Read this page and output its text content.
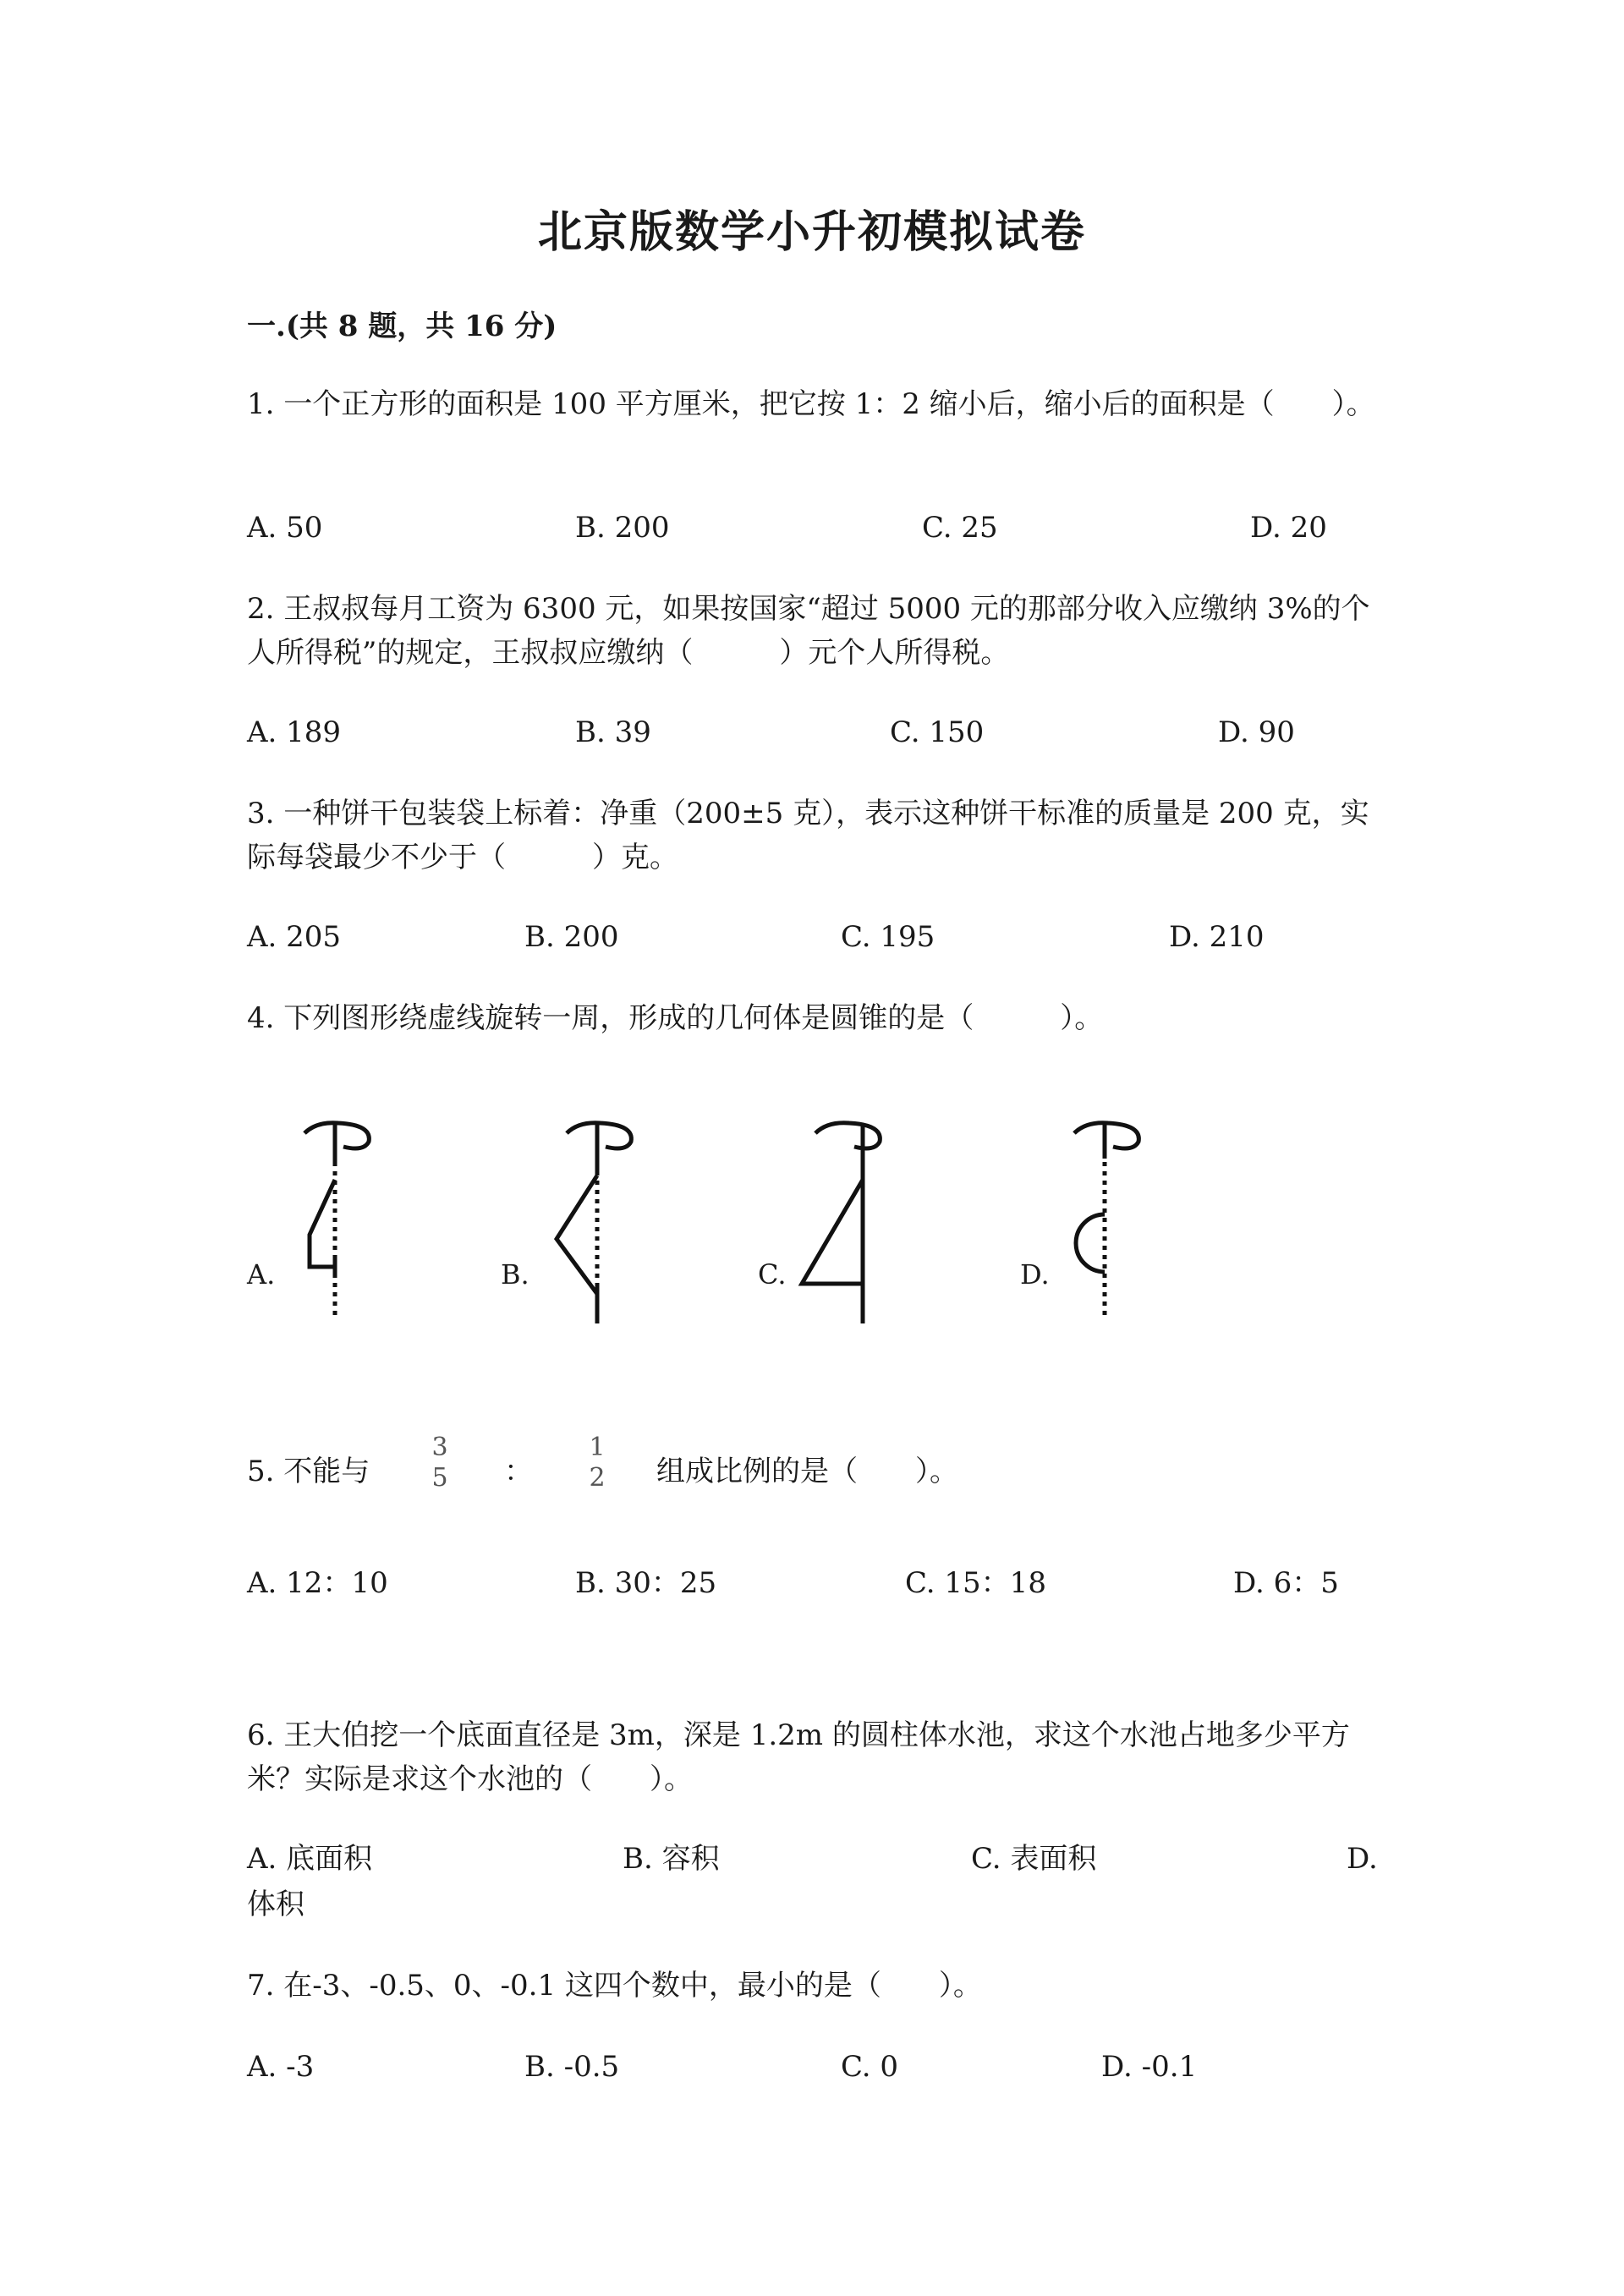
北京版数学小升初模拟试卷
一.(共 8 题，共 16 分)
1. 一个正方形的面积是 100 平方厘米，把它按 1：2 缩小后，缩小后的面积是（　　）。
A. 50	B. 200	C. 25	D. 20
2. 王叔叔每月工资为 6300 元，如果按国家“超过 5000 元的那部分收入应缴纳 3%的个人所得税”的规定，王叔叔应缴纳（　　　）元个人所得税。
A. 189	B. 39	C. 150	D. 90
3. 一种饼干包装袋上标着：净重（200±5 克），表示这种饼干标准的质量是 200 克，实际每袋最少不少于（　　　）克。
A. 205	B. 200	C. 195	D. 210
4. 下列图形绕虚线旋转一周，形成的几何体是圆锥的是（　　　）。
A.	B.	C.	D.
5. 不能与
3
5	：
1
2	组成比例的是（　　）。
A. 12：10	B. 30：25	C. 15：18	D. 6：5
6. 王大伯挖一个底面直径是 3m，深是 1.2m 的圆柱体水池，求这个水池占地多少平方米？实际是求这个水池的（　　）。
A. 底面积	B. 容积	C. 表面积	D.
体积
7. 在-3、-0.5、0、-0.1 这四个数中，最小的是（　　）。
A. -3	B. -0.5	C. 0	D. -0.1
